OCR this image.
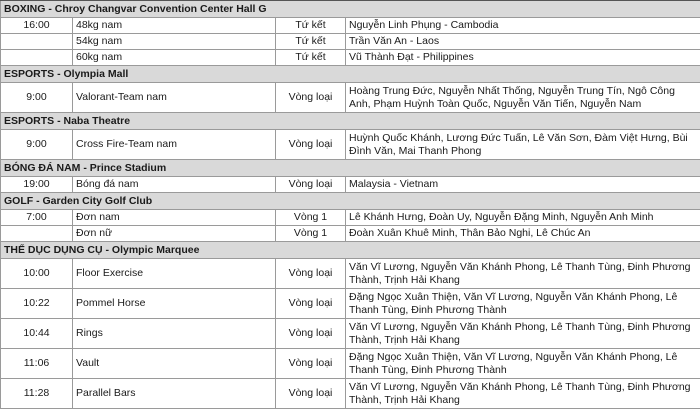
BOXING - Chroy Changvar Convention Center Hall G			
16:00	48kg nam	Tứ kết	Nguyễn Linh Phụng - Cambodia
	54kg nam	Tứ kết	Trần Văn An - Laos
	60kg nam	Tứ kết	Vũ Thành Đạt - Philippines
ESPORTS - Olympia Mall			
9:00	Valorant-Team nam	Vòng loại	Hoàng Trung Đức, Nguyễn Nhất Thống, Nguyễn Trung Tín, Ngô Công Anh, Phạm Huỳnh Toàn Quốc, Nguyễn Văn Tiến, Nguyễn Nam
ESPORTS - Naba Theatre			
9:00	Cross Fire-Team nam	Vòng loại	Huỳnh Quốc Khánh, Lương Đức Tuấn, Lê Văn Sơn, Đàm Việt Hưng, Bùi Đình Văn, Mai Thanh Phong
BÓNG ĐÁ NAM - Prince Stadium			
19:00	Bóng đá nam	Vòng loại	Malaysia - Vietnam
GOLF - Garden City Golf Club			
7:00	Đơn nam	Vòng 1	Lê Khánh Hưng, Đoàn Uy, Nguyễn Đặng Minh, Nguyễn Anh Minh
	Đơn nữ	Vòng 1	Đoàn Xuân Khuê Minh, Thân Bảo Nghi, Lê Chúc An
THỂ DỤC DỤNG CỤ - Olympic Marquee			
10:00	Floor Exercise	Vòng loại	Văn Vĩ Lương, Nguyễn Văn Khánh Phong, Lê Thanh Tùng, Đinh Phương Thành, Trịnh Hải Khang
10:22	Pommel Horse	Vòng loại	Đặng Ngọc Xuân Thiện, Văn Vĩ Lương, Nguyễn Văn Khánh Phong, Lê Thanh Tùng, Đinh Phương Thành
10:44	Rings	Vòng loại	Văn Vĩ Lương, Nguyễn Văn Khánh Phong, Lê Thanh Tùng, Đinh Phương Thành, Trịnh Hải Khang
11:06	Vault	Vòng loại	Đặng Ngọc Xuân Thiện, Văn Vĩ Lương, Nguyễn Văn Khánh Phong, Lê Thanh Tùng, Đinh Phương Thành
11:28	Parallel Bars	Vòng loại	Văn Vĩ Lương, Nguyễn Văn Khánh Phong, Lê Thanh Tùng, Đinh Phương Thành, Trịnh Hải Khang
